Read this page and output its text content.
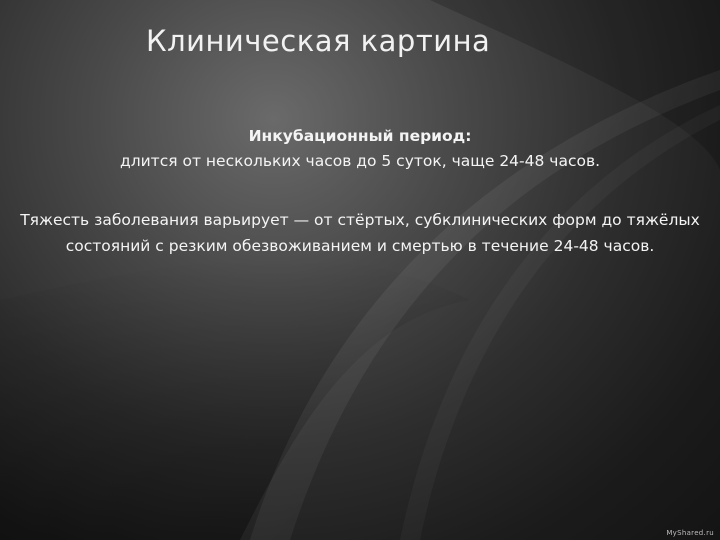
Клиническая картина

Инкубационный период:

длится от нескольких часов до 5 суток, чаще 24-48 часов.

Тяжесть заболевания варьирует — от стёртых, субклинических форм до тяжёлых состояний с резким обезвоживанием и смертью в течение 24-48 часов.

MyShared.ru
